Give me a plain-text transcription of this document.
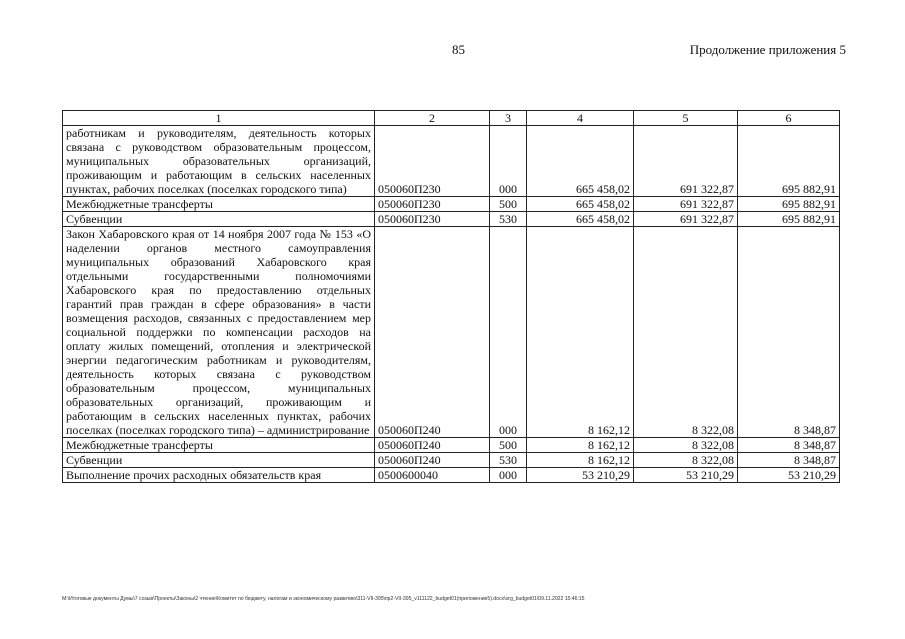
85	Продолжение приложения 5
1	2	3	4	5	6
работникам и руководителям, деятельность которых связана с руководством образовательным процессом, муниципальных образовательных организаций, проживающим и работающим в сельских населенных пунктах, рабочих поселках (поселках городского типа)	050060П230	000	665 458,02	691 322,87	695 882,91
Межбюджетные трансферты	050060П230	500	665 458,02	691 322,87	695 882,91
Субвенции	050060П230	530	665 458,02	691 322,87	695 882,91
Закон Хабаровского края от 14 ноября 2007 года № 153 «О наделении органов местного самоуправления муниципальных образований Хабаровского края отдельными государственными полномочиями Хабаровского края по предоставлению отдельных гарантий прав граждан в сфере образования» в части возмещения расходов, связанных с предоставлением мер социальной поддержки по компенсации расходов на оплату жилых помещений, отопления и электрической энергии педагогическим работникам и руководителям, деятельность которых связана с руководством образовательным процессом, муниципальных образовательных организаций, проживающим и работающим в сельских населенных пунктах, рабочих поселках (поселках городского типа) – администрирование	050060П240	000	8 162,12	8 322,08	8 348,87
Межбюджетные трансферты	050060П240	500	8 162,12	8 322,08	8 348,87
Субвенции	050060П240	530	8 162,12	8 322,08	8 348,87
Выполнение прочих расходных обязательств края	0500600040	000	53 210,29	53 210,29	53 210,29
M:\Итоговые документы Думы\7 созыв\Проекты\Законы\2 чтение\Комитет по бюджету, налогам и экономическому развитию\311-VII-395\пр2-VII-395_v111122_budget01(приложение5).docx\org_budget01\09.11.2022 15:46:15
